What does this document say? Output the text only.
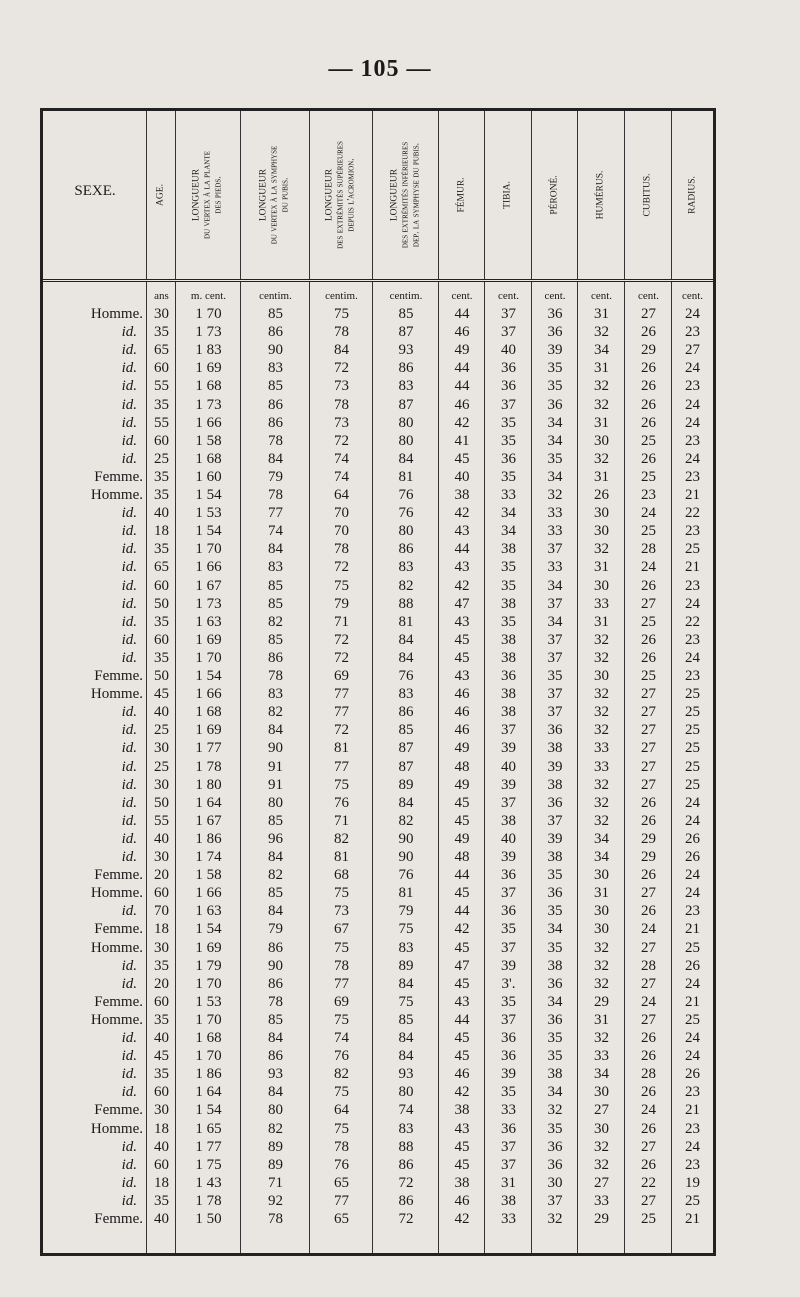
— 105 —
SEXE.	AGE.	LONGUEUR du vertex à la plante des pieds.	LONGUEUR du vertex à la symphyse du pubis.	LONGUEUR des extrémités supérieures depuis l'acromion.	LONGUEUR des extrémités inférieures dep. la symphyse du pubis.	FÉMUR.	TIBIA.	PÉRONÉ.	HUMÉRUS.	CUBITUS.	RADIUS.
ans	m. cent.	centim.	centim.	centim.	cent.	cent.	cent.	cent.	cent.	cent.
Homme. 30	1 70	85	75	85	44	37	36	31	27	24
id.	35	1 73	86	78	87	46	37	36	32	26	23
id.	65	1 83	90	84	93	49	40	39	34	29	27
id.	60	1 69	83	72	86	44	36	35	31	26	24
id.	55	1 68	85	73	83	44	36	35	32	26	23
id.	35	1 73	86	78	87	46	37	36	32	26	24
id.	55	1 66	86	73	80	42	35	34	31	26	24
id.	60	1 58	78	72	80	41	35	34	30	25	23
id.	25	1 68	84	74	84	45	36	35	32	26	24
Femme. 35	1 60	79	74	81	40	35	34	31	25	23
Homme. 35	1 54	78	64	76	38	33	32	26	23	21
id.	40	1 53	77	70	76	42	34	33	30	24	22
id.	18	1 54	74	70	80	43	34	33	30	25	23
id.	35	1 70	84	78	86	44	38	37	32	28	25
id.	65	1 66	83	72	83	43	35	33	31	24	21
id.	60	1 67	85	75	82	42	35	34	30	26	23
id.	50	1 73	85	79	88	47	38	37	33	27	24
id.	35	1 63	82	71	81	43	35	34	31	25	22
id.	60	1 69	85	72	84	45	38	37	32	26	23
id.	35	1 70	86	72	84	45	38	37	32	26	24
Femme. 50	1 54	78	69	76	43	36	35	30	25	23
Homme. 45	1 66	83	77	83	46	38	37	32	27	25
id.	40	1 68	82	77	86	46	38	37	32	27	25
id.	25	1 69	84	72	85	46	37	36	32	27	25
id.	30	1 77	90	81	87	49	39	38	33	27	25
id.	25	1 78	91	77	87	48	40	39	33	27	25
id.	30	1 80	91	75	89	49	39	38	32	27	25
id.	50	1 64	80	76	84	45	37	36	32	26	24
id.	55	1 67	85	71	82	45	38	37	32	26	24
id.	40	1 86	96	82	90	49	40	39	34	29	26
id.	30	1 74	84	81	90	48	39	38	34	29	26
Femme. 20	1 58	82	68	76	44	36	35	30	26	24
Homme. 60	1 66	85	75	81	45	37	36	31	27	24
id.	70	1 63	84	73	79	44	36	35	30	26	23
Femme. 18	1 54	79	67	75	42	35	34	30	24	21
Homme. 30	1 69	86	75	83	45	37	35	32	27	25
id.	35	1 79	90	78	89	47	39	38	32	28	26
id.	20	1 70	86	77	84	45	3'.	36	32	27	24
Femme. 60	1 53	78	69	75	43	35	34	29	24	21
Homme. 35	1 70	85	75	85	44	37	36	31	27	25
id.	40	1 68	84	74	84	45	36	35	32	26	24
id.	45	1 70	86	76	84	45	36	35	33	26	24
id.	35	1 86	93	82	93	46	39	38	34	28	26
id.	60	1 64	84	75	80	42	35	34	30	26	23
Femme. 30	1 54	80	64	74	38	33	32	27	24	21
Homme. 18	1 65	82	75	83	43	36	35	30	26	23
id.	40	1 77	89	78	88	45	37	36	32	27	24
id.	60	1 75	89	76	86	45	37	36	32	26	23
id.	18	1 43	71	65	72	38	31	30	27	22	19
id.	35	1 78	92	77	86	46	38	37	33	27	25
Femme. 40	1 50	78	65	72	42	33	32	29	25	21
